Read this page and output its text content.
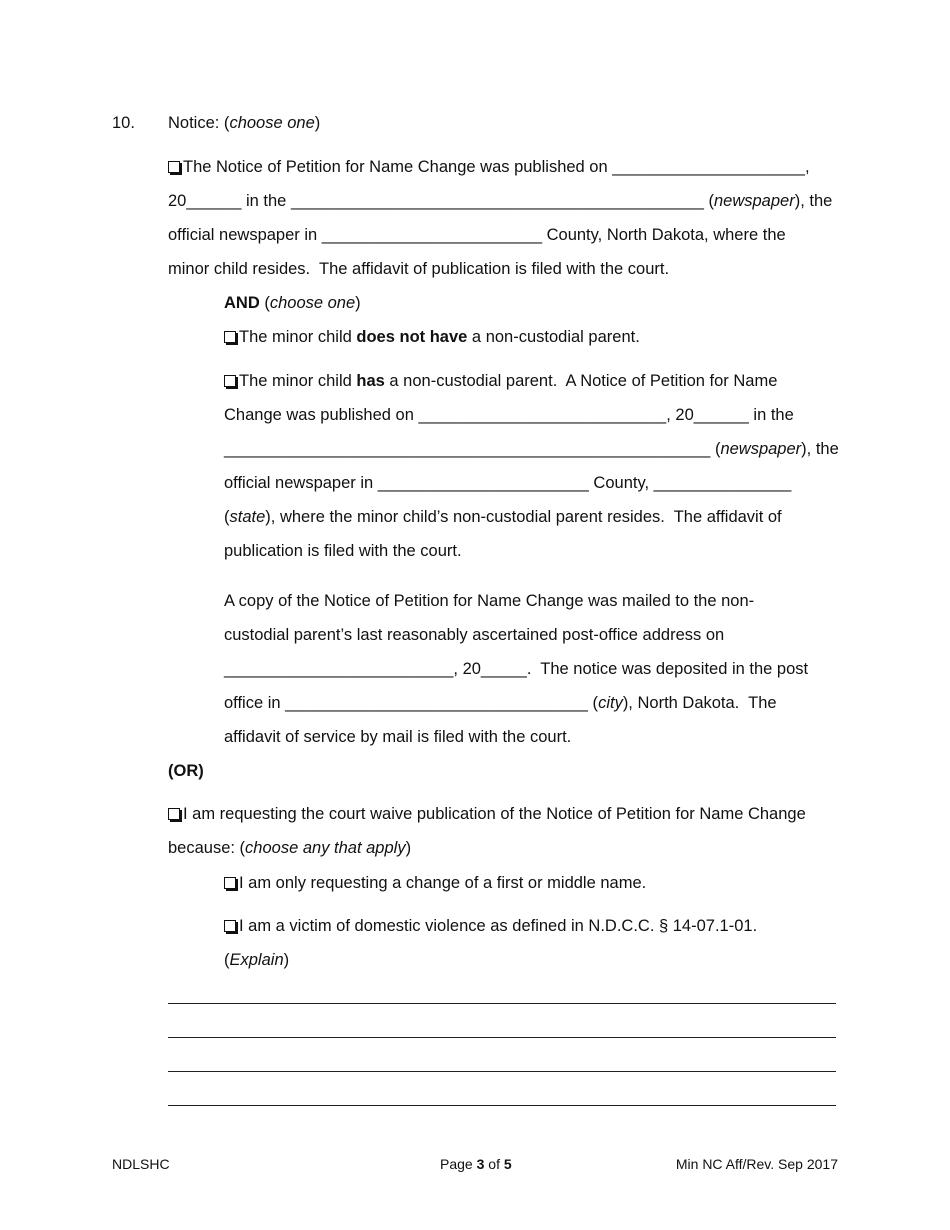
10. Notice: (choose one)
The Notice of Petition for Name Change was published on _____________________,
20______ in the _____________________________________________ (newspaper), the
official newspaper in ________________________ County, North Dakota, where the
minor child resides.  The affidavit of publication is filed with the court.
AND (choose one)
The minor child does not have a non-custodial parent.
The minor child has a non-custodial parent.  A Notice of Petition for Name
Change was published on ___________________________, 20______ in the
_____________________________________________________ (newspaper), the
official newspaper in _______________________ County, _______________
(state), where the minor child’s non-custodial parent resides.  The affidavit of
publication is filed with the court.
A copy of the Notice of Petition for Name Change was mailed to the non-
custodial parent’s last reasonably ascertained post-office address on
_________________________, 20_____.  The notice was deposited in the post
office in _________________________________ (city), North Dakota.  The
affidavit of service by mail is filed with the court.
(OR)
I am requesting the court waive publication of the Notice of Petition for Name Change
because: (choose any that apply)
I am only requesting a change of a first or middle name.
I am a victim of domestic violence as defined in N.D.C.C. § 14-07.1-01.
(Explain)
NDLSHC	Page 3 of 5	Min NC Aff/Rev. Sep 2017
